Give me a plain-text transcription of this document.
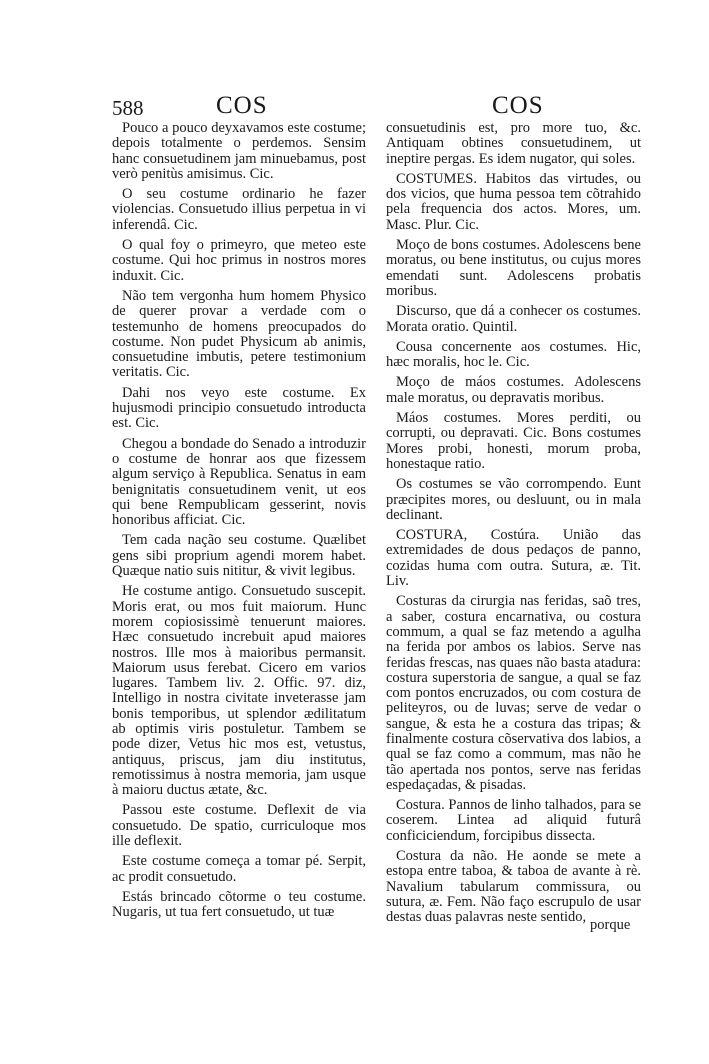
588	COS	COS

Pouco a pouco deyxavamos este costume; depois totalmente o perdemos. Sensim hanc consuetudinem jam minuebamus, post verò penitùs amisimus. Cic.

O seu costume ordinario he fazer violencias. Consuetudo illius perpetua in vi inferendâ. Cic.

O qual foy o primeyro, que meteo este costume. Qui hoc primus in nostros mores induxit. Cic.

Não tem vergonha hum homem Physico de querer provar a verdade com o testemunho de homens preocupados do costume. Non pudet Physicum ab animis, consuetudine imbutis, petere testimonium veritatis. Cic.

Dahi nos veyo este costume. Ex hujusmodi principio consuetudo introducta est. Cic.

Chegou a bondade do Senado a introduzir o costume de honrar aos que fizessem algum serviço à Republica. Senatus in eam benignitatis consuetudinem venit, ut eos qui bene Rempublicam gesserint, novis honoribus afficiat. Cic.

Tem cada nação seu costume. Quælibet gens sibi proprium agendi morem habet. Quæque natio suis nititur, & vivit legibus.

He costume antigo. Consuetudo suscepit. Moris erat, ou mos fuit maiorum. Hunc morem copiosissimè tenuerunt maiores. Hæc consuetudo increbuit apud maiores nostros. Ille mos à maioribus permansit. Maiorum usus ferebat. Cicero em varios lugares. Tambem liv. 2. Offic. 97. diz, Intelligo in nostra civitate inveterasse jam bonis temporibus, ut splendor ædilitatum ab optimis viris postuletur. Tambem se pode dizer, Vetus hic mos est, vetustus, antiquus, priscus, jam diu institutus, remotissimus à nostra memoria, jam usque à maioru ductus ætate, &c.

Passou este costume. Deflexit de via consuetudo. De spatio, curriculoque mos ille deflexit.

Este costume começa a tomar pé. Serpit, ac prodit consuetudo.

Estás brincado cõtorme o teu costume. Nugaris, ut tua fert consuetudo, ut tuæ

consuetudinis est, pro more tuo, &c. Antiquam obtines consuetudinem, ut ineptire pergas. Es idem nugator, qui soles.

COSTUMES. Habitos das virtudes, ou dos vicios, que huma pessoa tem cõtrahido pela frequencia dos actos. Mores, um. Masc. Plur. Cic.

Moço de bons costumes. Adolescens bene moratus, ou bene institutus, ou cujus mores emendati sunt. Adolescens probatis moribus.

Discurso, que dá a conhecer os costumes. Morata oratio. Quintil.

Cousa concernente aos costumes. Hic, hæc moralis, hoc le. Cic.

Moço de máos costumes. Adolescens male moratus, ou depravatis moribus.

Máos costumes. Mores perditi, ou corrupti, ou depravati. Cic. Bons costumes Mores probi, honesti, morum proba, honestaque ratio.

Os costumes se vão corrompendo. Eunt præcipites mores, ou desluunt, ou in mala declinant.

COSTURA, Costúra. União das extremidades de dous pedaços de panno, cozidas huma com outra. Sutura, æ. Tit. Liv.

Costuras da cirurgia nas feridas, saõ tres, a saber, costura encarnativa, ou costura commum, a qual se faz metendo a agulha na ferida por ambos os labios. Serve nas feridas frescas, nas quaes não basta atadura: costura superstoria de sangue, a qual se faz com pontos encruzados, ou com costura de peliteyros, ou de luvas; serve de vedar o sangue, & esta he a costura das tripas; & finalmente costura cõservativa dos labios, a qual se faz como a commum, mas não he tão apertada nos pontos, serve nas feridas espedaçadas, & pisadas.

Costura. Pannos de linho talhados, para se coserem. Lintea ad aliquid futurâ conficiciendum, forcipibus dissecta.

Costura da não. He aonde se mete a estopa entre taboa, & taboa de avante à rè. Navalium tabularum commissura, ou sutura, æ. Fem. Não faço escrupulo de usar destas duas palavras neste sentido, porque
